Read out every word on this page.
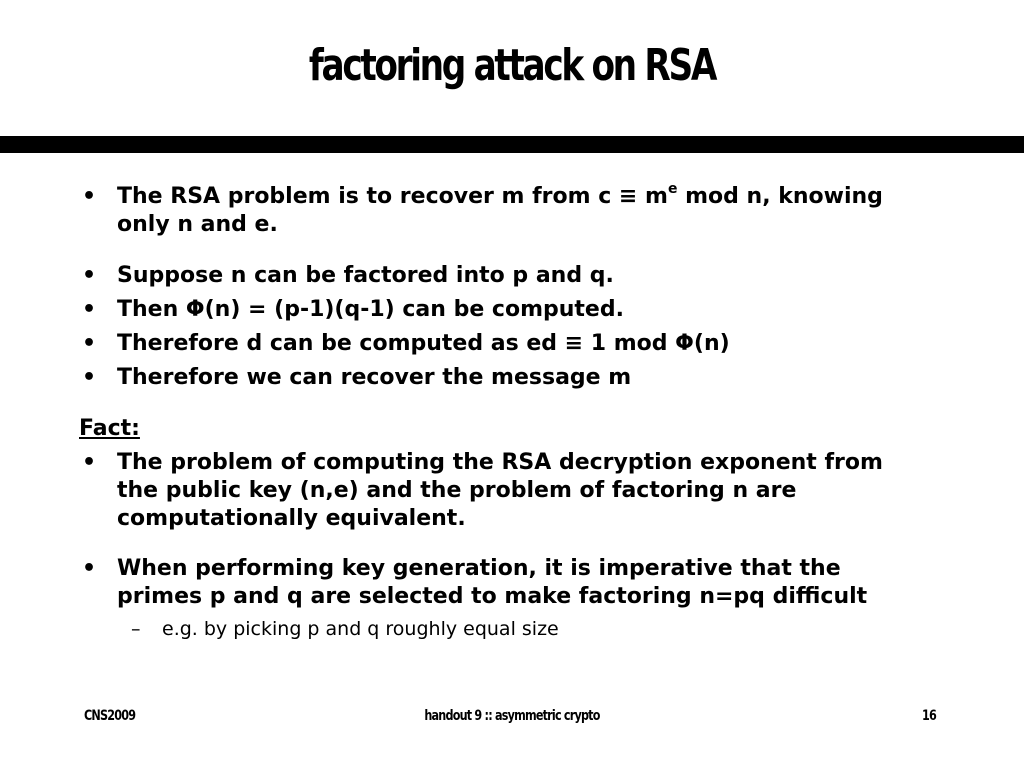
factoring attack on RSA
• The RSA problem is to recover m from $c \equiv m^e$ mod n, knowing
only n and e.
• Suppose n can be factored into p and q.
• Then Φ(n) = (p-1)(q-1) can be computed.
• Therefore d can be computed as ed ≡ 1 mod Φ(n)
• Therefore we can recover the message m
Fact:
• The problem of computing the RSA decryption exponent from
the public key (n,e) and the problem of factoring n are
computationally equivalent.
• When performing key generation, it is imperative that the
primes p and q are selected to make factoring n=pq difficult
– e.g. by picking p and q roughly equal size
CNS2009	handout 9 :: asymmetric crypto	16
